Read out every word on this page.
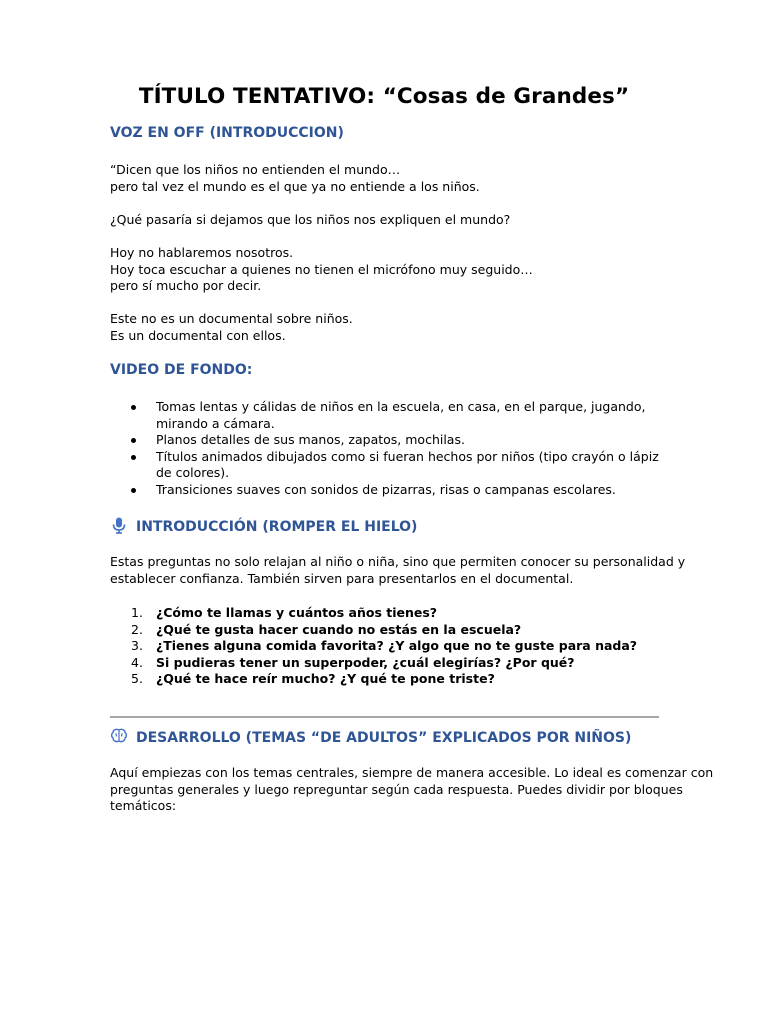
TÍTULO TENTATIVO: “Cosas de Grandes”
VOZ EN OFF (INTRODUCCION)

“Dicen que los niños no entienden el mundo…
pero tal vez el mundo es el que ya no entiende a los niños.

¿Qué pasaría si dejamos que los niños nos expliquen el mundo?

Hoy no hablaremos nosotros.
Hoy toca escuchar a quienes no tienen el micrófono muy seguido…
pero sí mucho por decir.

Este no es un documental sobre niños.
Es un documental con ellos.

VIDEO DE FONDO:
Tomas lentas y cálidas de niños en la escuela, en casa, en el parque, jugando, mirando a cámara.
Planos detalles de sus manos, zapatos, mochilas.
Títulos animados dibujados como si fueran hechos por niños (tipo crayón o lápiz de colores).
Transiciones suaves con sonidos de pizarras, risas o campanas escolares.
INTRODUCCIÓN (ROMPER EL HIELO)

Estas preguntas no solo relajan al niño o niña, sino que permiten conocer su personalidad y
establecer confianza. También sirven para presentarlos en el documental.

1. ¿Cómo te llamas y cuántos años tienes?
2. ¿Qué te gusta hacer cuando no estás en la escuela?
3. ¿Tienes alguna comida favorita? ¿Y algo que no te guste para nada?
4. Si pudieras tener un superpoder, ¿cuál elegirías? ¿Por qué?
5. ¿Qué te hace reír mucho? ¿Y qué te pone triste?
DESARROLLO (TEMAS “DE ADULTOS” EXPLICADOS POR NIÑOS)

Aquí empiezas con los temas centrales, siempre de manera accesible. Lo ideal es comenzar con
preguntas generales y luego repreguntar según cada respuesta. Puedes dividir por bloques
temáticos:
